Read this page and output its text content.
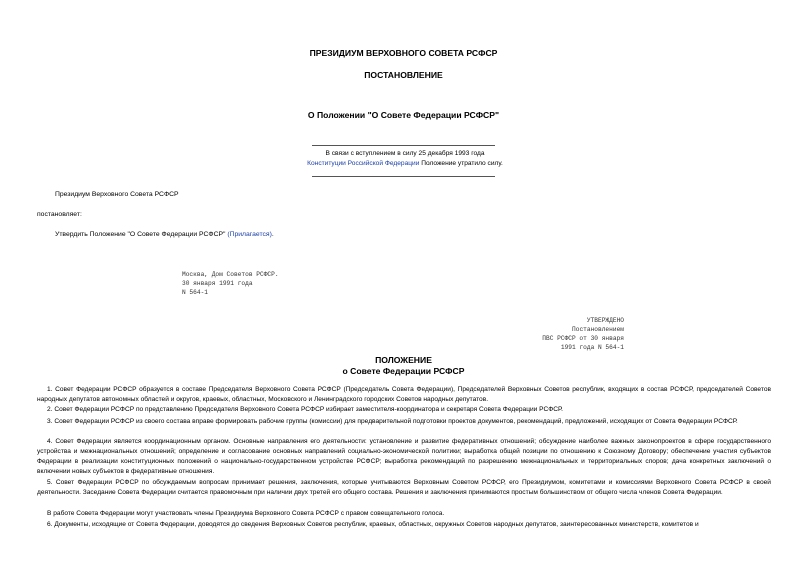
ПРЕЗИДИУМ ВЕРХОВНОГО СОВЕТА РСФСР
ПОСТАНОВЛЕНИЕ
О Положении "О Совете Федерации РСФСР"
В связи с вступлением в силу 25 декабря 1993 года
Конституции Российской Федерации Положение утратило силу.
Президиум Верховного Совета РСФСР
постановляет:
Утвердить Положение "О Совете Федерации РСФСР" (Прилагается).
Москва, Дом Советов РСФСР.
30 января 1991 года
N 564-1
УТВЕРЖДЕНО
Постановлением
ПВС РСФСР от 30 января
1991 года N 564-1
ПОЛОЖЕНИЕ
о Совете Федерации РСФСР
1. Совет Федерации РСФСР образуется в составе Председателя Верховного Совета РСФСР (Председатель Совета Федерации), Председателей Верховных Советов республик, входящих в состав РСФСР, председателей Советов народных депутатов автономных областей и округов, краевых, областных, Московского и Ленинградского городских Советов народных депутатов.
2. Совет Федерации РСФСР по представлению Председателя Верховного Совета РСФСР избирает заместителя-координатора и секретаря Совета Федерации РСФСР.
3. Совет Федерации РСФСР из своего состава вправе формировать рабочие группы (комиссии) для предварительной подготовки проектов документов, рекомендаций, предложений, исходящих от Совета Федерации РСФСР.
4. Совет Федерации является координационным органом. Основные направления его деятельности: установление и развитие федеративных отношений; обсуждение наиболее важных законопроектов в сфере государственного устройства и межнациональных отношений; определение и согласование основных направлений социально-экономической политики; выработка общей позиции по отношению к Союзному Договору; обеспечение участия субъектов Федерации в реализации конституционных положений о национально-государственном устройстве РСФСР; выработка рекомендаций по разрешению межнациональных и территориальных споров; дача конкретных заключений о включении новых субъектов в федеративные отношения.
5. Совет Федерации РСФСР по обсуждаемым вопросам принимает решения, заключения, которые учитываются Верховным Советом РСФСР, его Президиумом, комитетами и комиссиями Верховного Совета РСФСР в своей деятельности. Заседание Совета Федерации считается правомочным при наличии двух третей его общего состава. Решения и заключения принимаются простым большинством от общего числа членов Совета Федерации.
В работе Совета Федерации могут участвовать члены Президиума Верховного Совета РСФСР с правом совещательного голоса.
6. Документы, исходящие от Совета Федерации, доводятся до сведения Верховных Советов республик, краевых, областных, окружных Советов народных депутатов, заинтересованных министерств, комитетов и
